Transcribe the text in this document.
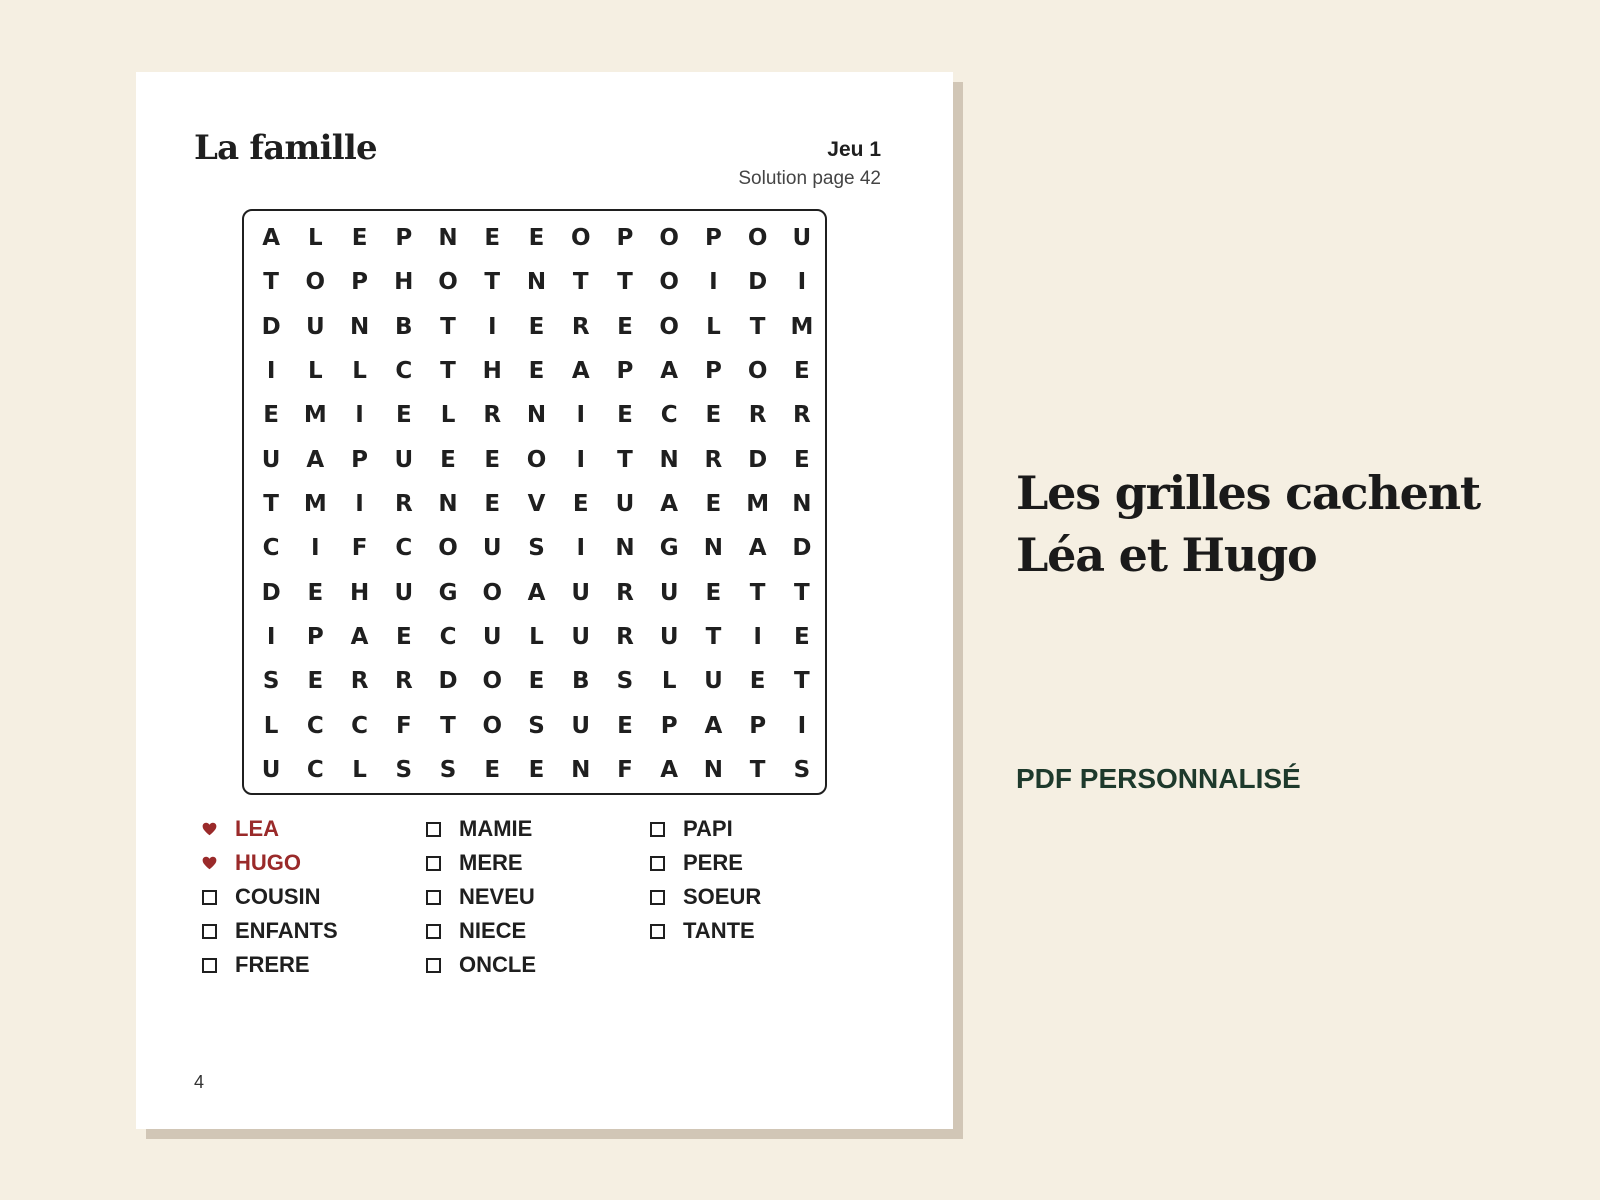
La famille	Jeu 1
Solution page 42
A	L	E	P	N	E	E	O	P	O	P	O	U
T	O	P	H	O	T	N	T	T	O	I	D	I
D	U	N	B	T	I	E	R	E	O	L	T	M
I	L	L	C	T	H	E	A	P	A	P	O	E
E	M	I	E	L	R	N	I	E	C	E	R	R
U	A	P	U	E	E	O	I	T	N	R	D	E
T	M	I	R	N	E	V	E	U	A	E	M	N
C	I	F	C	O	U	S	I	N	G	N	A	D
D	E	H	U	G	O	A	U	R	U	E	T	T
I	P	A	E	C	U	L	U	R	U	T	I	E
S	E	R	R	D	O	E	B	S	L	U	E	T
L	C	C	F	T	O	S	U	E	P	A	P	I
U	C	L	S	S	E	E	N	F	A	N	T	S
LEA
HUGO
COUSIN
ENFANTS
FRERE
MAMIE
MERE
NEVEU
NIECE
ONCLE
PAPI
PERE
SOEUR
TANTE
4
Les grilles cachent Léa et Hugo
PDF PERSONNALISÉ
